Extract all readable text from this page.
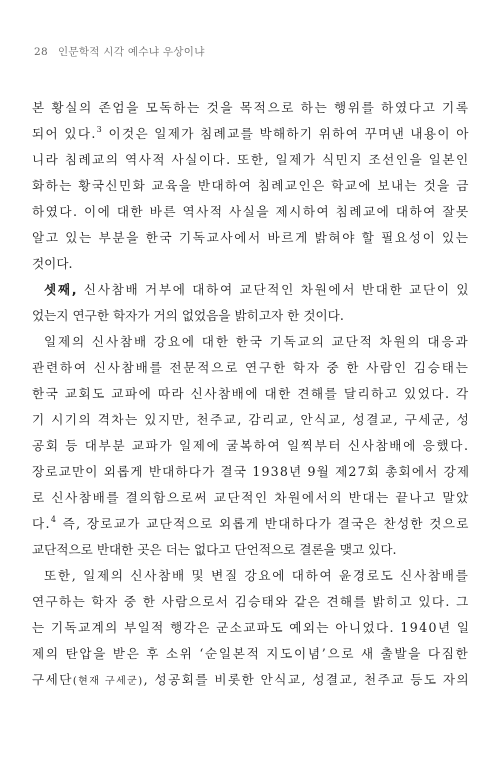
28 인문학적 시각 예수냐 우상이냐
본 황실의 존엄을 모독하는 것을 목적으로 하는 행위를 하였다고 기록
되어 있다.$^3$ 이것은 일제가 침례교를 박해하기 위하여 꾸며낸 내용이 아
니라 침례교의 역사적 사실이다. 또한, 일제가 식민지 조선인을 일본인
화하는 황국신민화 교육을 반대하여 침례교인은 학교에 보내는 것을 금
하였다. 이에 대한 바른 역사적 사실을 제시하여 침례교에 대하여 잘못
알고 있는 부분을 한국 기독교사에서 바르게 밝혀야 할 필요성이 있는
것이다.
셋째, 신사참배 거부에 대하여 교단적인 차원에서 반대한 교단이 있
었는지 연구한 학자가 거의 없었음을 밝히고자 한 것이다.
일제의 신사참배 강요에 대한 한국 기독교의 교단적 차원의 대응과
관련하여 신사참배를 전문적으로 연구한 학자 중 한 사람인 김승태는
한국 교회도 교파에 따라 신사참배에 대한 견해를 달리하고 있었다. 각
기 시기의 격차는 있지만, 천주교, 감리교, 안식교, 성결교, 구세군, 성
공회 등 대부분 교파가 일제에 굴복하여 일찍부터 신사참배에 응했다.
장로교만이 외롭게 반대하다가 결국 1938년 9월 제27회 총회에서 강제
로 신사참배를 결의함으로써 교단적인 차원에서의 반대는 끝나고 말았
다.$^4$ 즉, 장로교가 교단적으로 외롭게 반대하다가 결국은 찬성한 것으로
교단적으로 반대한 곳은 더는 없다고 단언적으로 결론을 맺고 있다.
또한, 일제의 신사참배 및 변질 강요에 대하여 윤경로도 신사참배를
연구하는 학자 중 한 사람으로서 김승태와 같은 견해를 밝히고 있다. 그
는 기독교계의 부일적 행각은 군소교파도 예외는 아니었다. 1940년 일
제의 탄압을 받은 후 소위 ‘순일본적 지도이념’으로 새 출발을 다짐한
구세단(현재 구세군), 성공회를 비롯한 안식교, 성결교, 천주교 등도 자의
